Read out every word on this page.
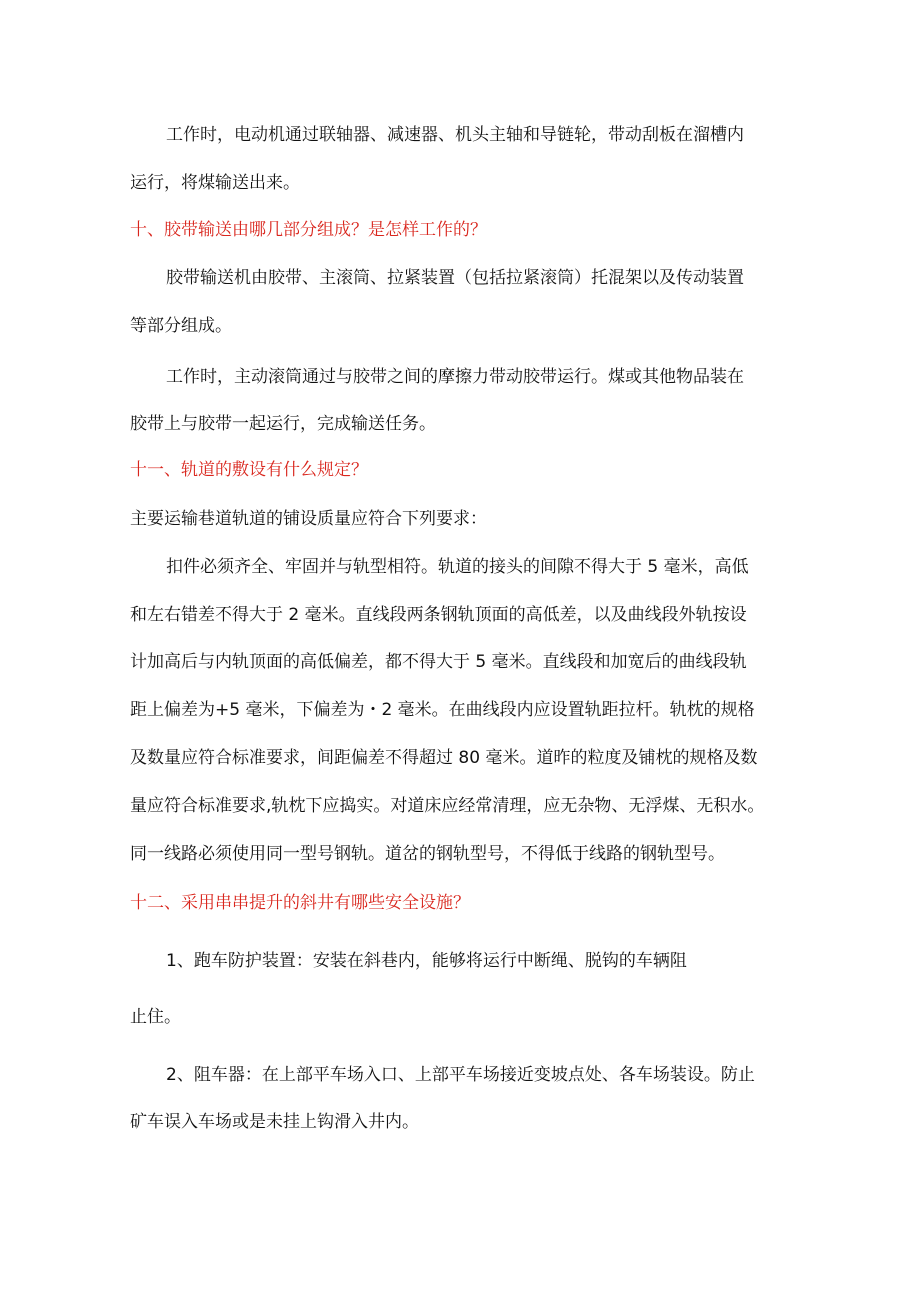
工作时，电动机通过联轴器、减速器、机头主轴和导链轮，带动刮板在溜槽内

运行，将煤输送出来。

十、胶带输送由哪几部分组成？是怎样工作的？

胶带输送机由胶带、主滚筒、拉紧装置（包括拉紧滚筒）托混架以及传动装置

等部分组成。

工作时，主动滚筒通过与胶带之间的摩擦力带动胶带运行。煤或其他物品装在

胶带上与胶带一起运行，完成输送任务。

十一、轨道的敷设有什么规定？

主要运输巷道轨道的铺设质量应符合下列要求：

扣件必须齐全、牢固并与轨型相符。轨道的接头的间隙不得大于 5 毫米，高低

和左右错差不得大于 2 毫米。直线段两条钢轨顶面的高低差，以及曲线段外轨按设

计加高后与内轨顶面的高低偏差，都不得大于 5 毫米。直线段和加宽后的曲线段轨

距上偏差为+5 毫米，下偏差为・2 毫米。在曲线段内应设置轨距拉杆。轨枕的规格

及数量应符合标准要求，间距偏差不得超过 80 毫米。道昨的粒度及铺枕的规格及数

量应符合标准要求,轨枕下应捣实。对道床应经常清理，应无杂物、无浮煤、无积水。

同一线路必须使用同一型号钢轨。道岔的钢轨型号，不得低于线路的钢轨型号。

十二、采用串串提升的斜井有哪些安全设施？

1、跑车防护装置：安装在斜巷内，能够将运行中断绳、脱钩的车辆阻

止住。

2、阻车器：在上部平车场入口、上部平车场接近变坡点处、各车场装设。防止

矿车误入车场或是未挂上钩滑入井内。
